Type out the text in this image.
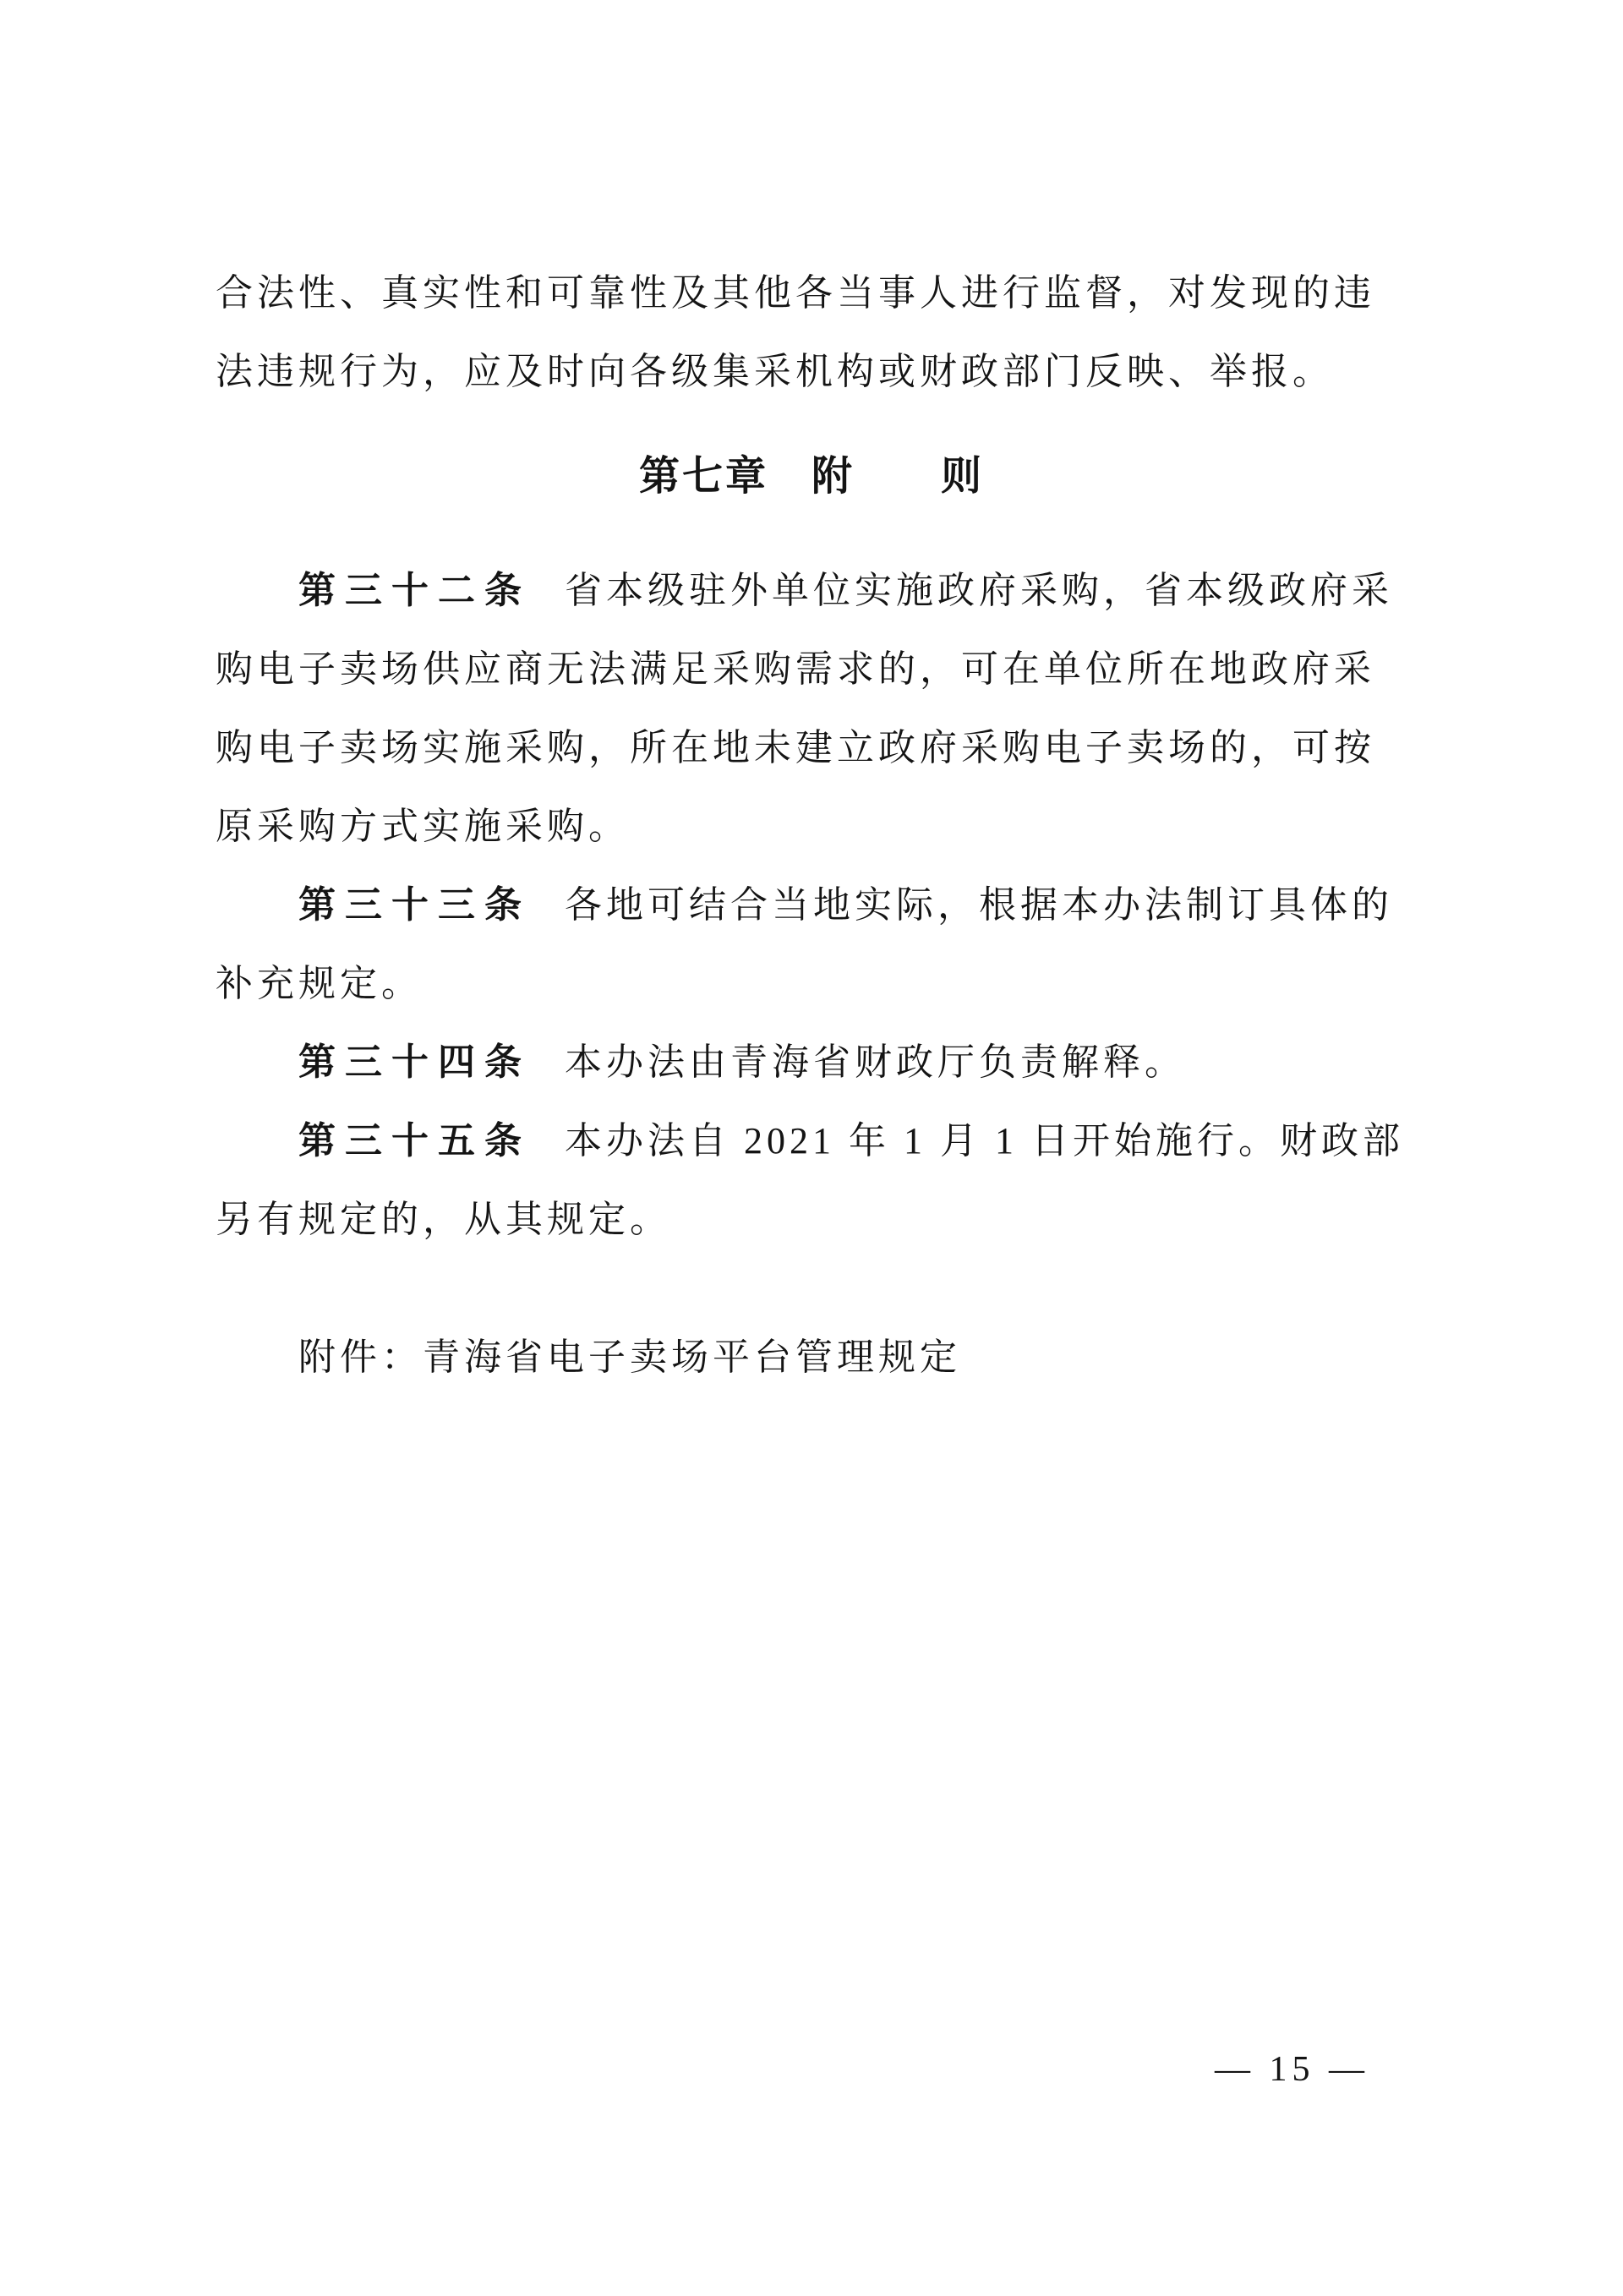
合法性、真实性和可靠性及其他各当事人进行监督，对发现的违
法违规行为，应及时向各级集采机构或财政部门反映、举报。
第七章　附　　则
第三十二条 省本级驻外单位实施政府采购，省本级政府采
购电子卖场供应商无法满足采购需求的，可在单位所在地政府采
购电子卖场实施采购，所在地未建立政府采购电子卖场的，可按
原采购方式实施采购。
第三十三条 各地可结合当地实际，根据本办法制订具体的
补充规定。
第三十四条 本办法由青海省财政厅负责解释。
第三十五条 本办法自 2021 年 1 月 1 日开始施行。财政部
另有规定的，从其规定。
附件：青海省电子卖场平台管理规定
— 15 —
